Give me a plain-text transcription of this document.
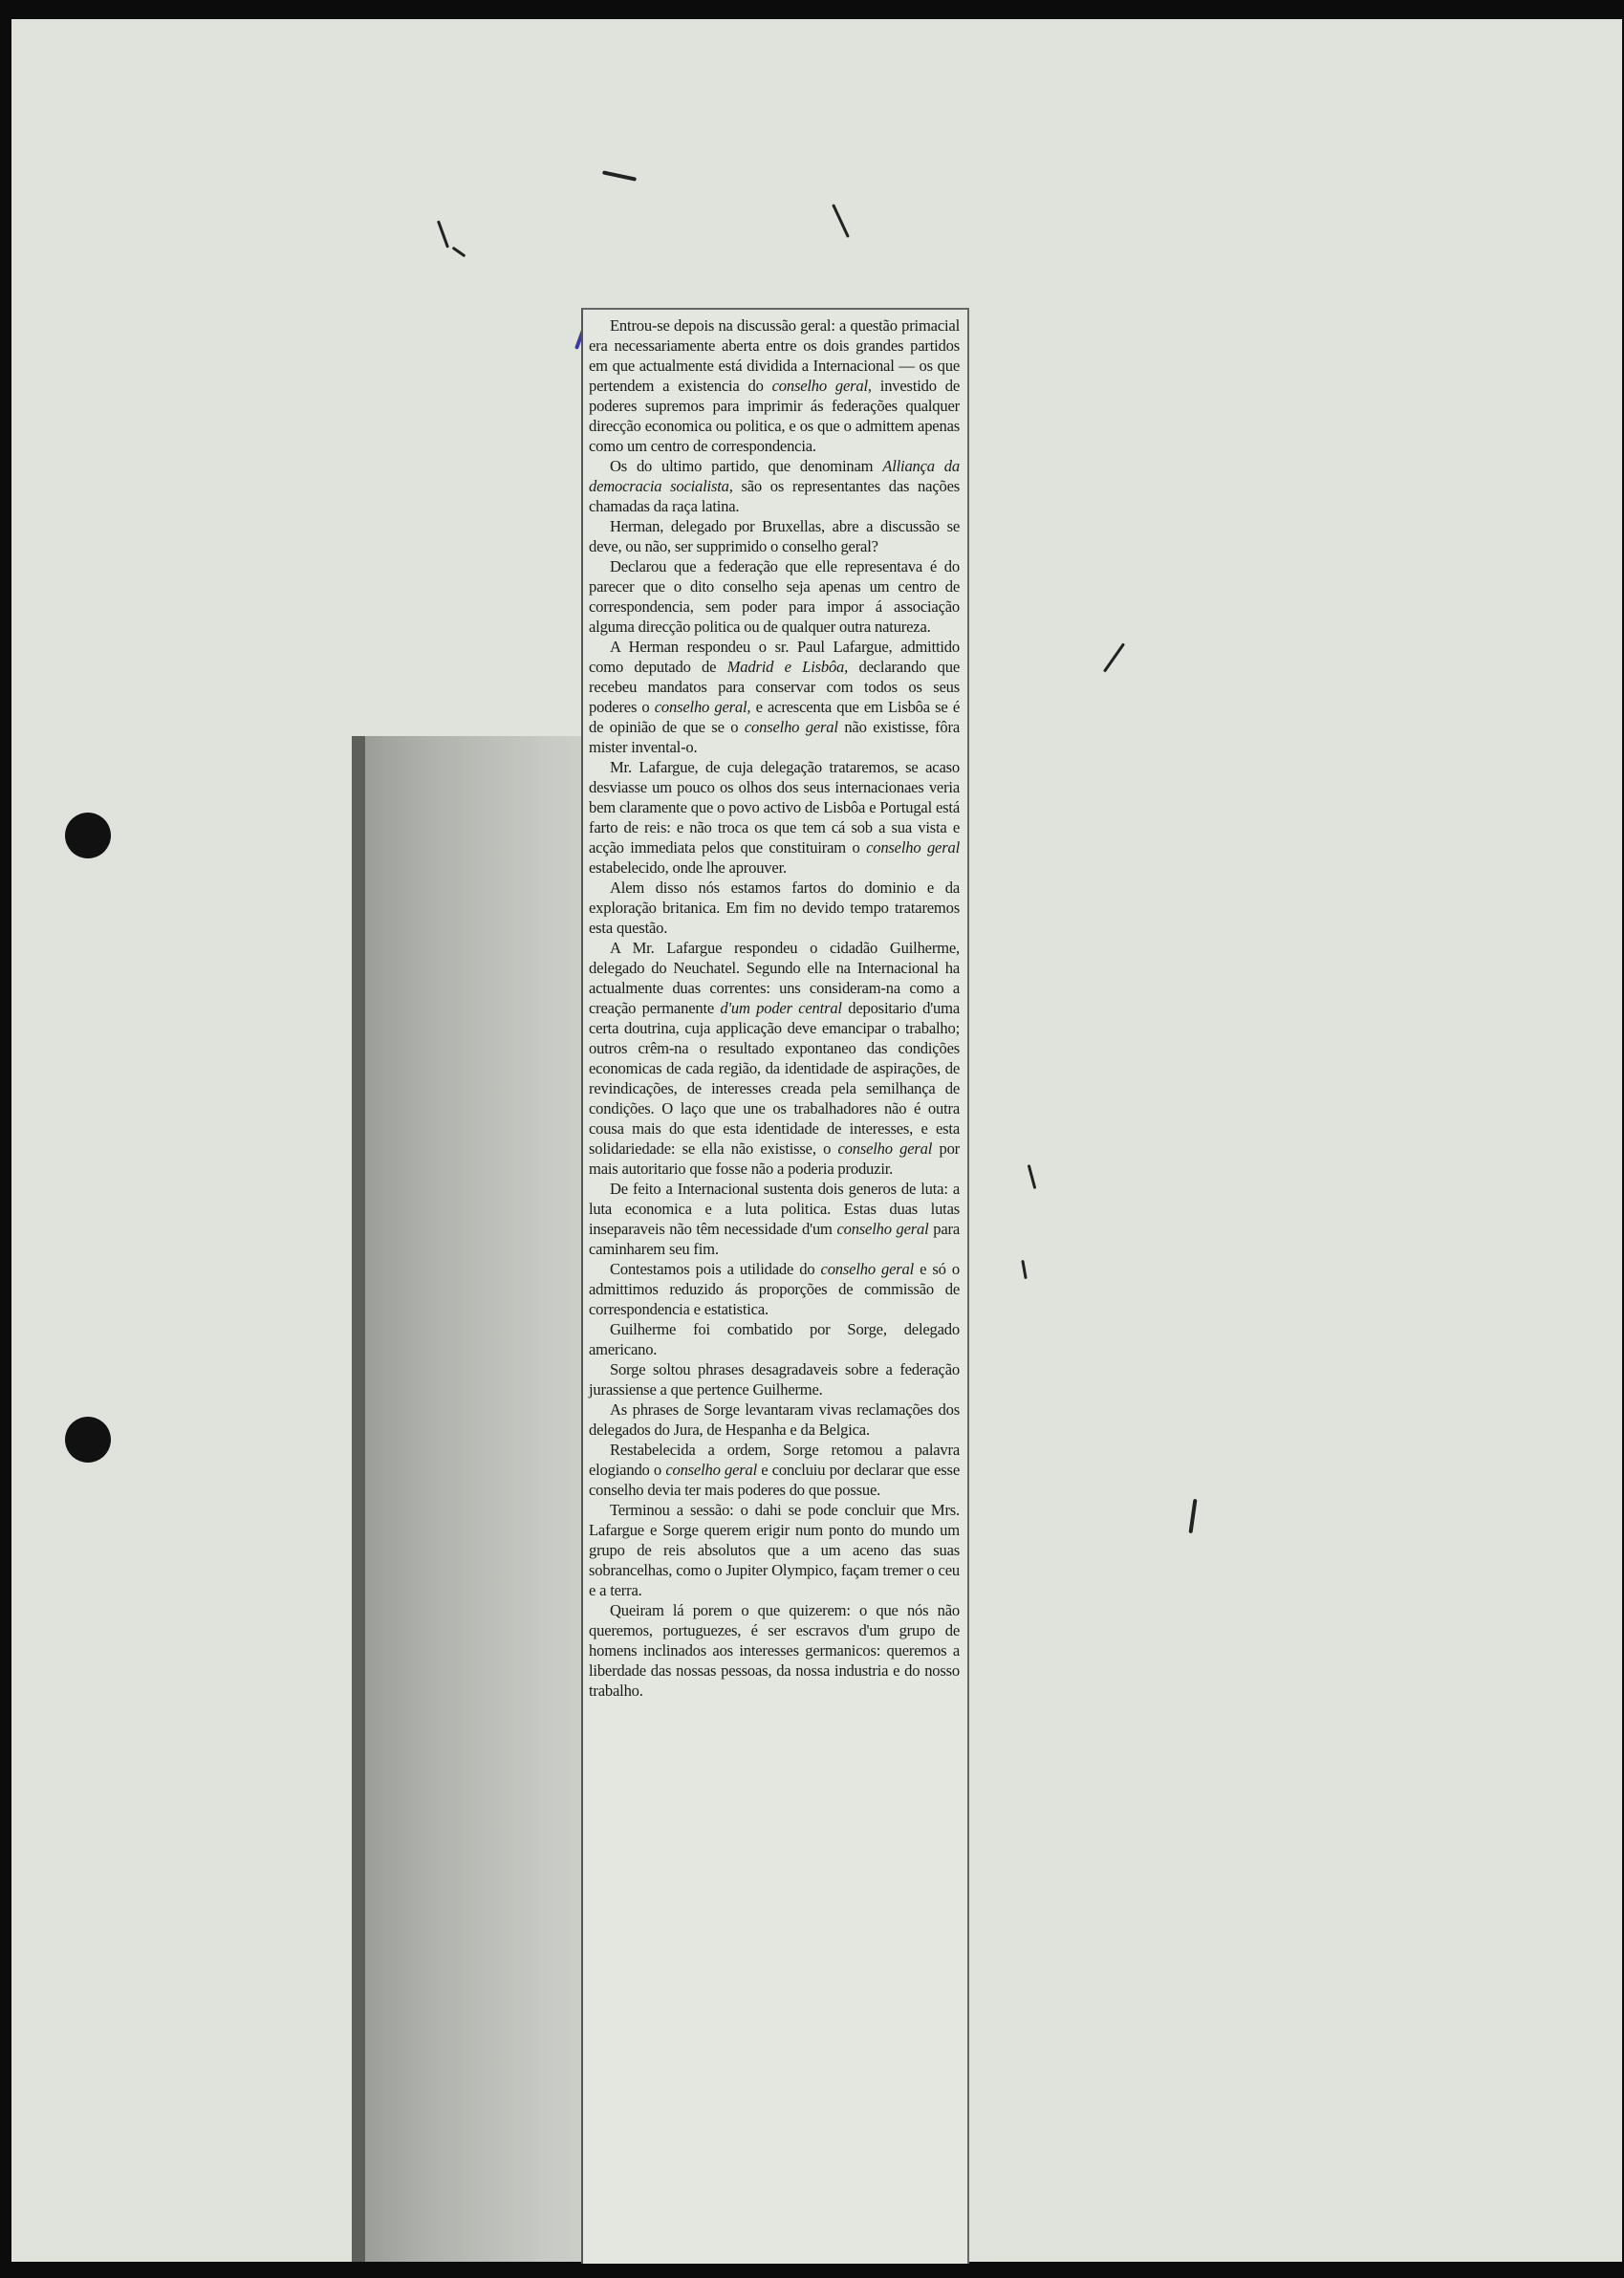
Entrou-se depois na discussão geral: a questão primacial era necessariamente aberta entre os dois grandes partidos em que actualmente está dividida a Internacional — os que pertendem a existencia do conselho geral, investido de poderes supremos para imprimir ás federações qualquer direcção economica ou politica, e os que o admittem apenas como um centro de correspondencia.

Os do ultimo partido, que denominam Alliança da democracia socialista, são os representantes das nações chamadas da raça latina.

Herman, delegado por Bruxellas, abre a discussão se deve, ou não, ser supprimido o conselho geral?

Declarou que a federação que elle representava é do parecer que o dito conselho seja apenas um centro de correspondencia, sem poder para impor á associação alguma direcção politica ou de qualquer outra natureza.

A Herman respondeu o sr. Paul Lafargue, admittido como deputado de Madrid e Lisbôa, declarando que recebeu mandatos para conservar com todos os seus poderes o conselho geral, e acrescenta que em Lisbôa se é de opinião de que se o conselho geral não existisse, fôra mister invental-o.

Mr. Lafargue, de cuja delegação trataremos, se acaso desviasse um pouco os olhos dos seus internacionaes veria bem claramente que o povo activo de Lisbôa e Portugal está farto de reis: e não troca os que tem cá sob a sua vista e acção immediata pelos que constituiram o conselho geral estabelecido, onde lhe aprouver.

Alem disso nós estamos fartos do dominio e da exploração britanica. Em fim no devido tempo trataremos esta questão.

A Mr. Lafargue respondeu o cidadão Guilherme, delegado do Neuchatel. Segundo elle na Internacional ha actualmente duas correntes: uns consideram-na como a creação permanente d'um poder central depositario d'uma certa doutrina, cuja applicação deve emancipar o trabalho; outros crêm-na o resultado expontaneo das condições economicas de cada região, da identidade de aspirações, de revindicações, de interesses creada pela semilhança de condições. O laço que une os trabalhadores não é outra cousa mais do que esta identidade de interesses, e esta solidariedade: se ella não existisse, o conselho geral por mais autoritario que fosse não a poderia produzir.

De feito a Internacional sustenta dois generos de luta: a luta economica e a luta politica. Estas duas lutas inseparaveis não têm necessidade d'um conselho geral para caminharem seu fim.

Contestamos pois a utilidade do conselho geral e só o admittimos reduzido ás proporções de commissão de correspondencia e estatistica.

Guilherme foi combatido por Sorge, delegado americano.

Sorge soltou phrases desagradaveis sobre a federação jurassiense a que pertence Guilherme.

As phrases de Sorge levantaram vivas reclamações dos delegados do Jura, de Hespanha e da Belgica.

Restabelecida a ordem, Sorge retomou a palavra elogiando o conselho geral e concluiu por declarar que esse conselho devia ter mais poderes do que possue.

Terminou a sessão: o dahi se pode concluir que Mrs. Lafargue e Sorge querem erigir num ponto do mundo um grupo de reis absolutos que a um aceno das suas sobrancelhas, como o Jupiter Olympico, façam tremer o ceu e a terra.

Queiram lá porem o que quizerem: o que nós não queremos, portuguezes, é ser escravos d'um grupo de homens inclinados aos interesses germanicos: queremos a liberdade das nossas pessoas, da nossa industria e do nosso trabalho.
